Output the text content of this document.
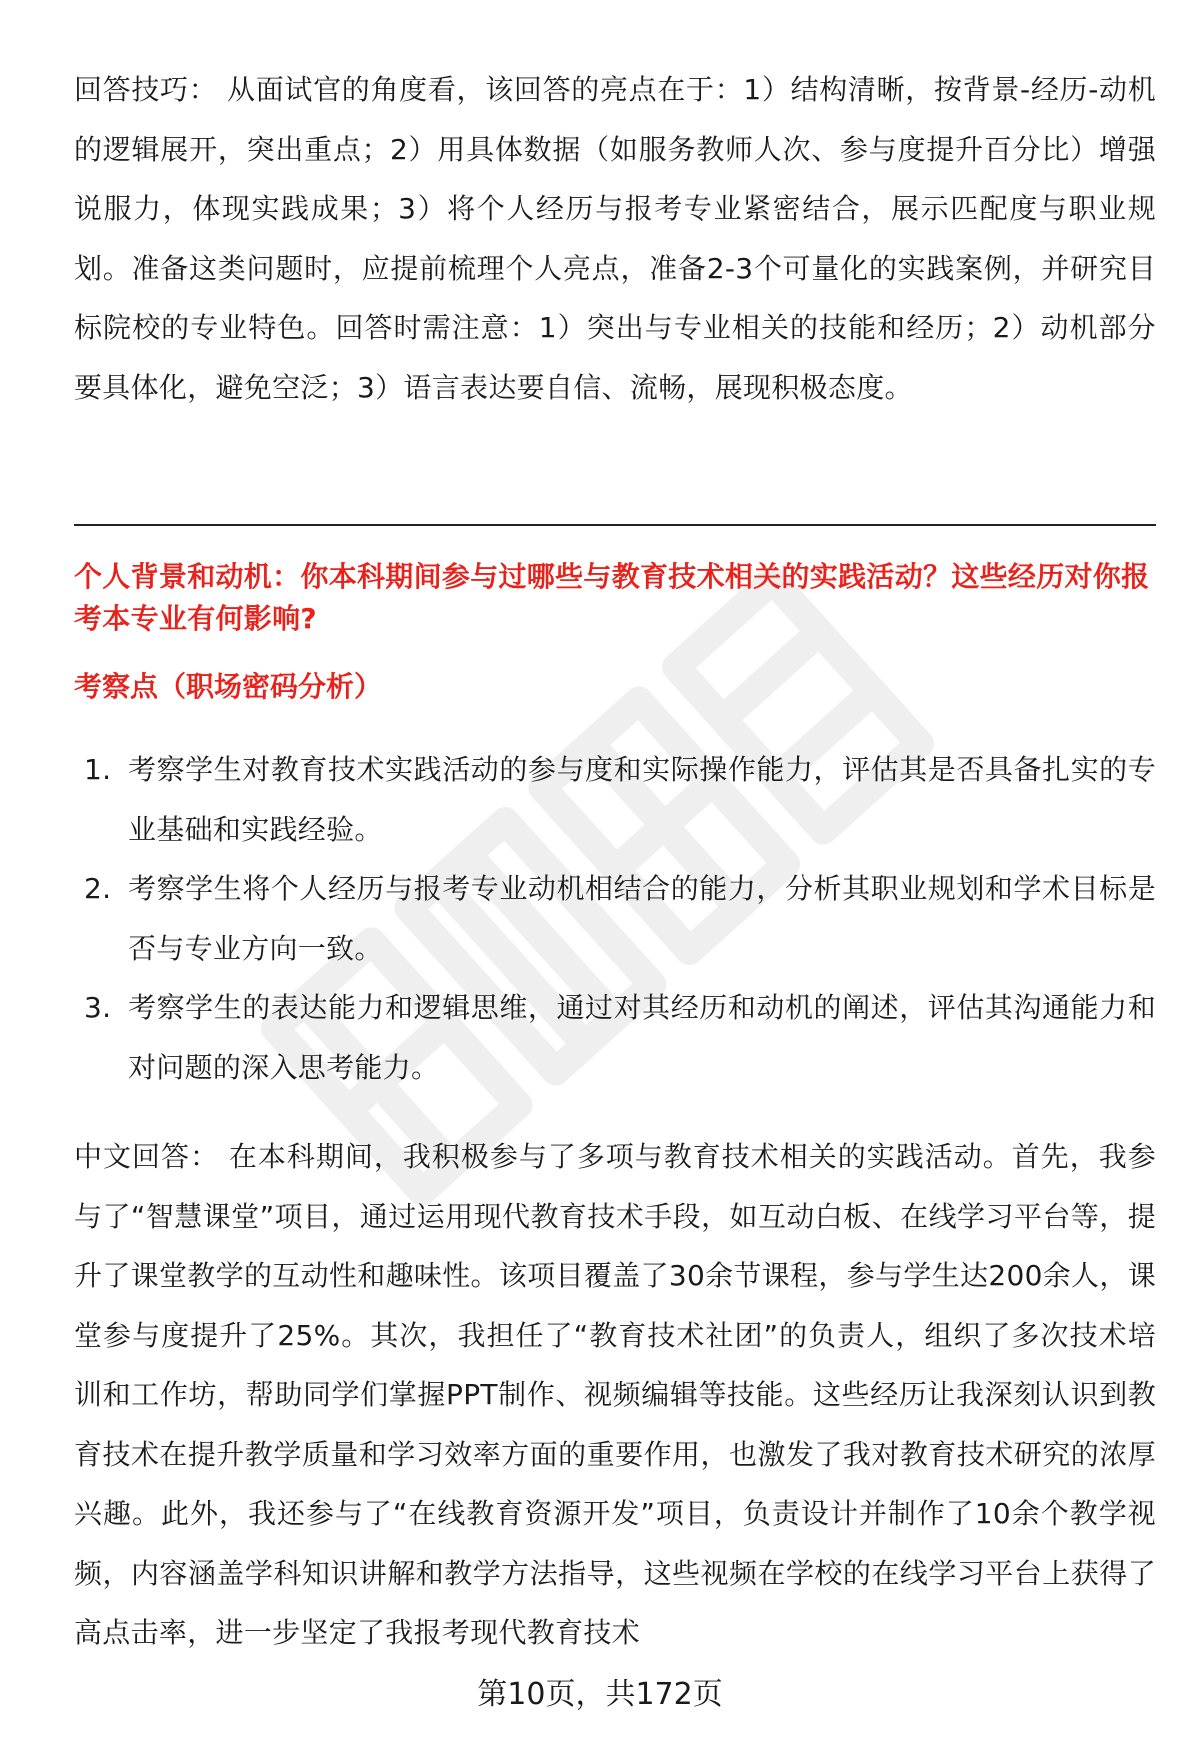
回答技巧： 从面试官的角度看，该回答的亮点在于：1）结构清晰，按背景-经历-动机的逻辑展开，突出重点；2）用具体数据（如服务教师人次、参与度提升百分比）增强说服力，体现实践成果；3）将个人经历与报考专业紧密结合，展示匹配度与职业规划。准备这类问题时，应提前梳理个人亮点，准备2-3个可量化的实践案例，并研究目标院校的专业特色。回答时需注意：1）突出与专业相关的技能和经历；2）动机部分要具体化，避免空泛；3）语言表达要自信、流畅，展现积极态度。

个人背景和动机：你本科期间参与过哪些与教育技术相关的实践活动？这些经历对你报考本专业有何影响?

考察点（职场密码分析）

1. 考察学生对教育技术实践活动的参与度和实际操作能力，评估其是否具备扎实的专业基础和实践经验。
2. 考察学生将个人经历与报考专业动机相结合的能力，分析其职业规划和学术目标是否与专业方向一致。
3. 考察学生的表达能力和逻辑思维，通过对其经历和动机的阐述，评估其沟通能力和对问题的深入思考能力。

中文回答： 在本科期间，我积极参与了多项与教育技术相关的实践活动。首先，我参与了“智慧课堂”项目，通过运用现代教育技术手段，如互动白板、在线学习平台等，提升了课堂教学的互动性和趣味性。该项目覆盖了30余节课程，参与学生达200余人，课堂参与度提升了25%。其次，我担任了“教育技术社团”的负责人，组织了多次技术培训和工作坊，帮助同学们掌握PPT制作、视频编辑等技能。这些经历让我深刻认识到教育技术在提升教学质量和学习效率方面的重要作用，也激发了我对教育技术研究的浓厚兴趣。此外，我还参与了“在线教育资源开发”项目，负责设计并制作了10余个教学视频，内容涵盖学科知识讲解和教学方法指导，这些视频在学校的在线学习平台上获得了高点击率，进一步坚定了我报考现代教育技术

第10页，共172页
